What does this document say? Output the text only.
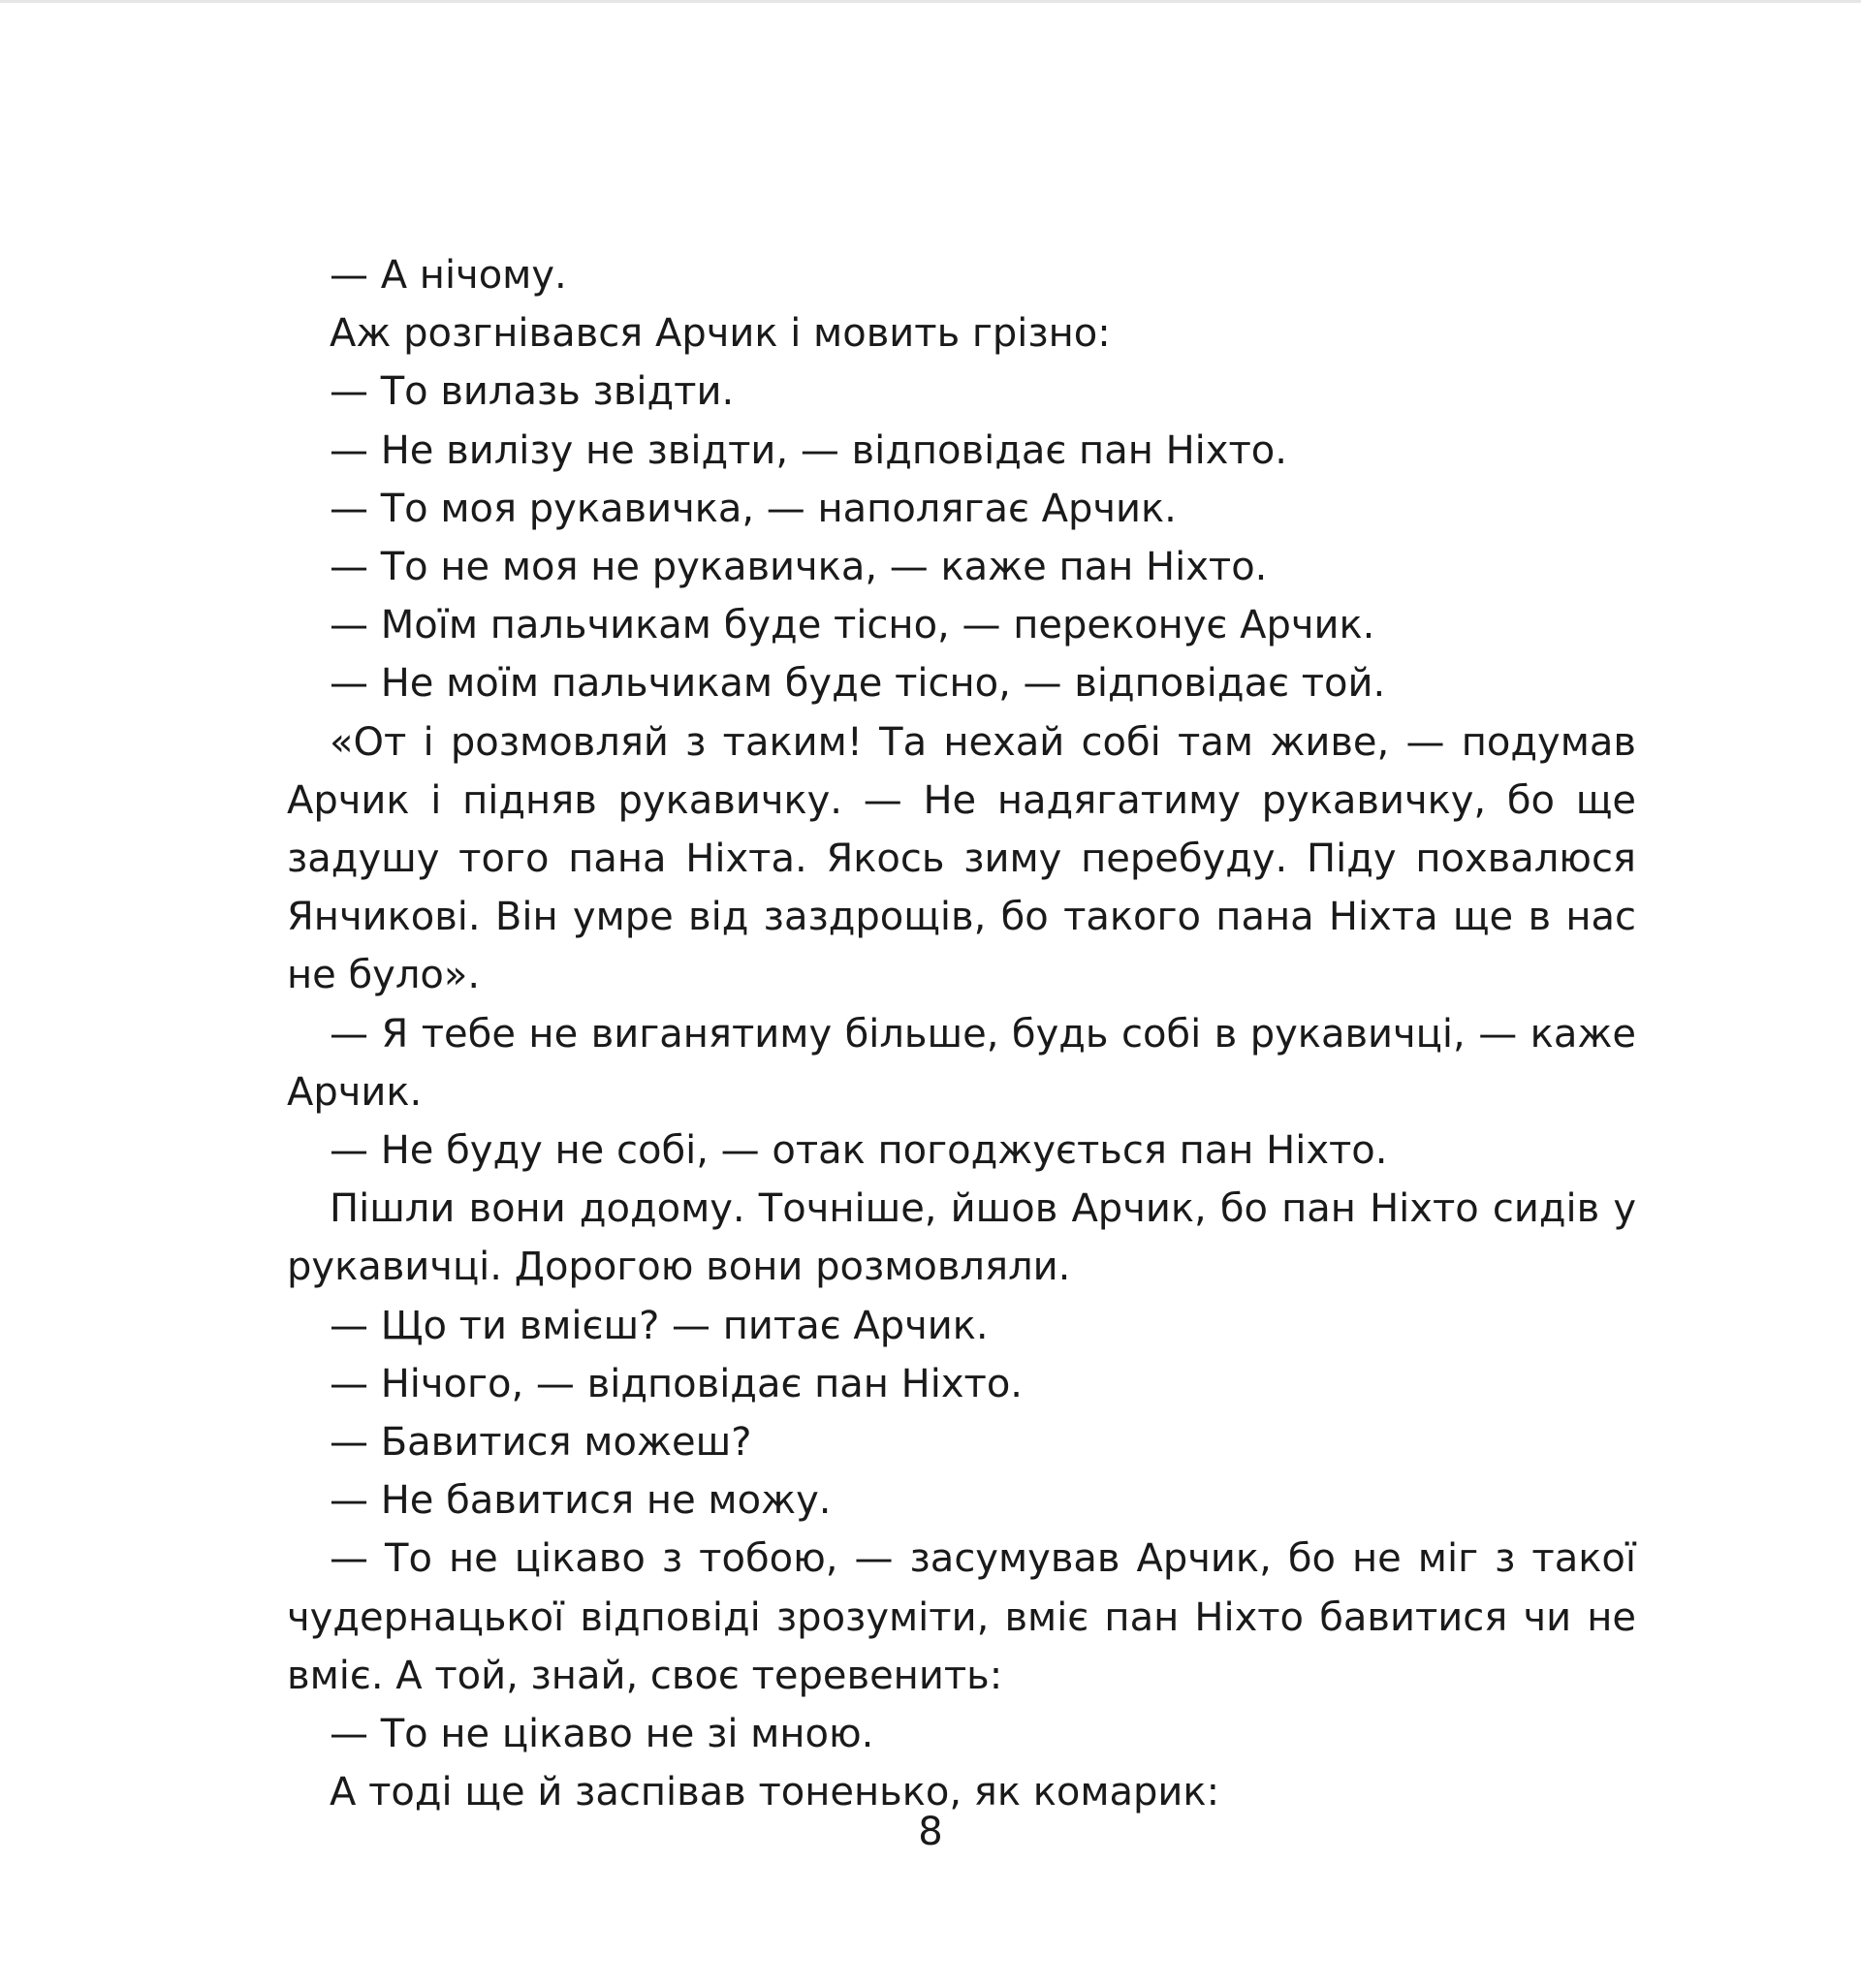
— А нічому.

Аж розгнівався Арчик і мовить грізно:

— То вилазь звідти.

— Не вилізу не звідти, — відповідає пан Ніхто.

— То моя рукавичка, — наполягає Арчик.

— То не моя не рукавичка, — каже пан Ніхто.

— Моїм пальчикам буде тісно, — переконує Арчик.

— Не моїм пальчикам буде тісно, — відповідає той.

«От і розмовляй з таким! Та нехай собі там живе, — подумав Арчик і підняв рукавичку. — Не надягатиму рукавичку, бо ще задушу того пана Ніхта. Якось зиму перебуду. Піду похвалюся Янчикові. Він умре від заздрощів, бо такого пана Ніхта ще в нас не було».

— Я тебе не виганятиму більше, будь собі в рукавичці, — каже Арчик.

— Не буду не собі, — отак погоджується пан Ніхто.

Пішли вони додому. Точніше, йшов Арчик, бо пан Ніхто сидів у рукавичці. Дорогою вони розмовляли.

— Що ти вмієш? — питає Арчик.

— Нічого, — відповідає пан Ніхто.

— Бавитися можеш?

— Не бавитися не можу.

— То не цікаво з тобою, — засумував Арчик, бо не міг з такої чудернацької відповіді зрозуміти, вміє пан Ніхто бавитися чи не вміє. А той, знай, своє теревенить:

— То не цікаво не зі мною.

А тоді ще й заспівав тоненько, як комарик:

8
